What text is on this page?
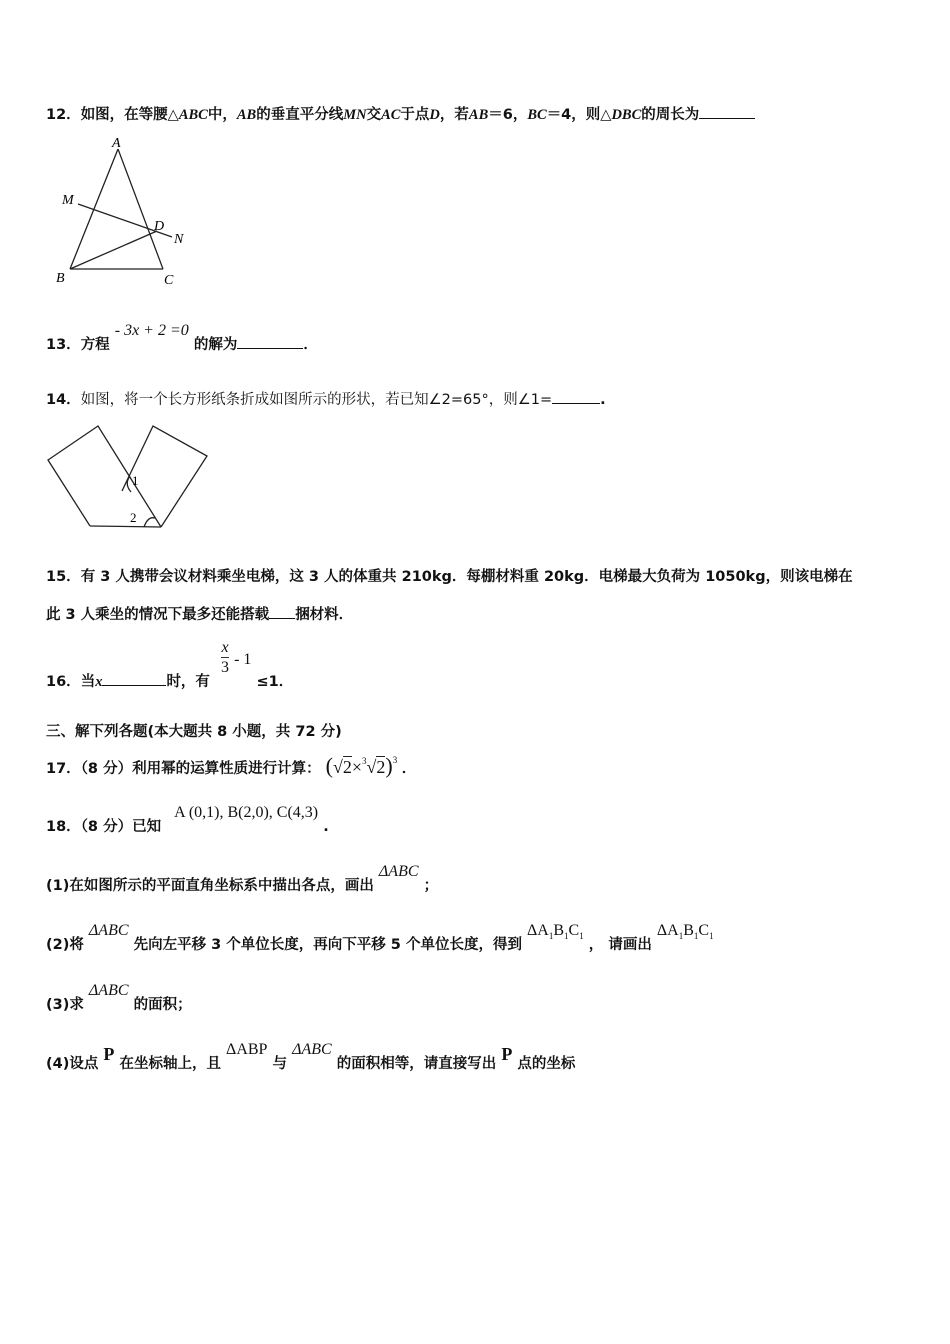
12．如图，在等腰△ABC中，AB的垂直平分线MN交AC于点D，若AB＝6，BC＝4，则△DBC的周长为
A
M
D
N
B	C
13．方程 - 3x + 2 =0 的解为	．
14．如图，将一个长方形纸条折成如图所示的形状，若已知∠2=65°，则∠1=	.
1
2
15．有 3 人携带会议材料乘坐电梯，这 3 人的体重共 210kg．每棚材料重 20kg．电梯最大负荷为 1050kg，则该电梯在
此 3 人乘坐的情况下最多还能搭载 捆材料．
16．当x	时，有
$\frac{x}{3} - 1 \le 1$．
三、解下列各题(本大题共 8 小题，共 72 分)
17．（8 分）利用幂的运算性质进行计算： $(√2\times^3√2)^3$ ．
18．（8 分）已知 A (0,1), B(2,0), C(4,3) .
(1)在如图所示的平面直角坐标系中描出各点，画出 ΔABC ；
(2)将 ΔABC 先向左平移 3 个单位长度，再向下平移 5 个单位长度，得到 $\Delta A_1B_1C_1$ ， 请画出 $\Delta A_1B_1C_1$
(3)求 ΔABC 的面积；
(4)设点 P 在坐标轴上，且 ΔABP 与 ΔABC 的面积相等，请直接写出 P 点的坐标
